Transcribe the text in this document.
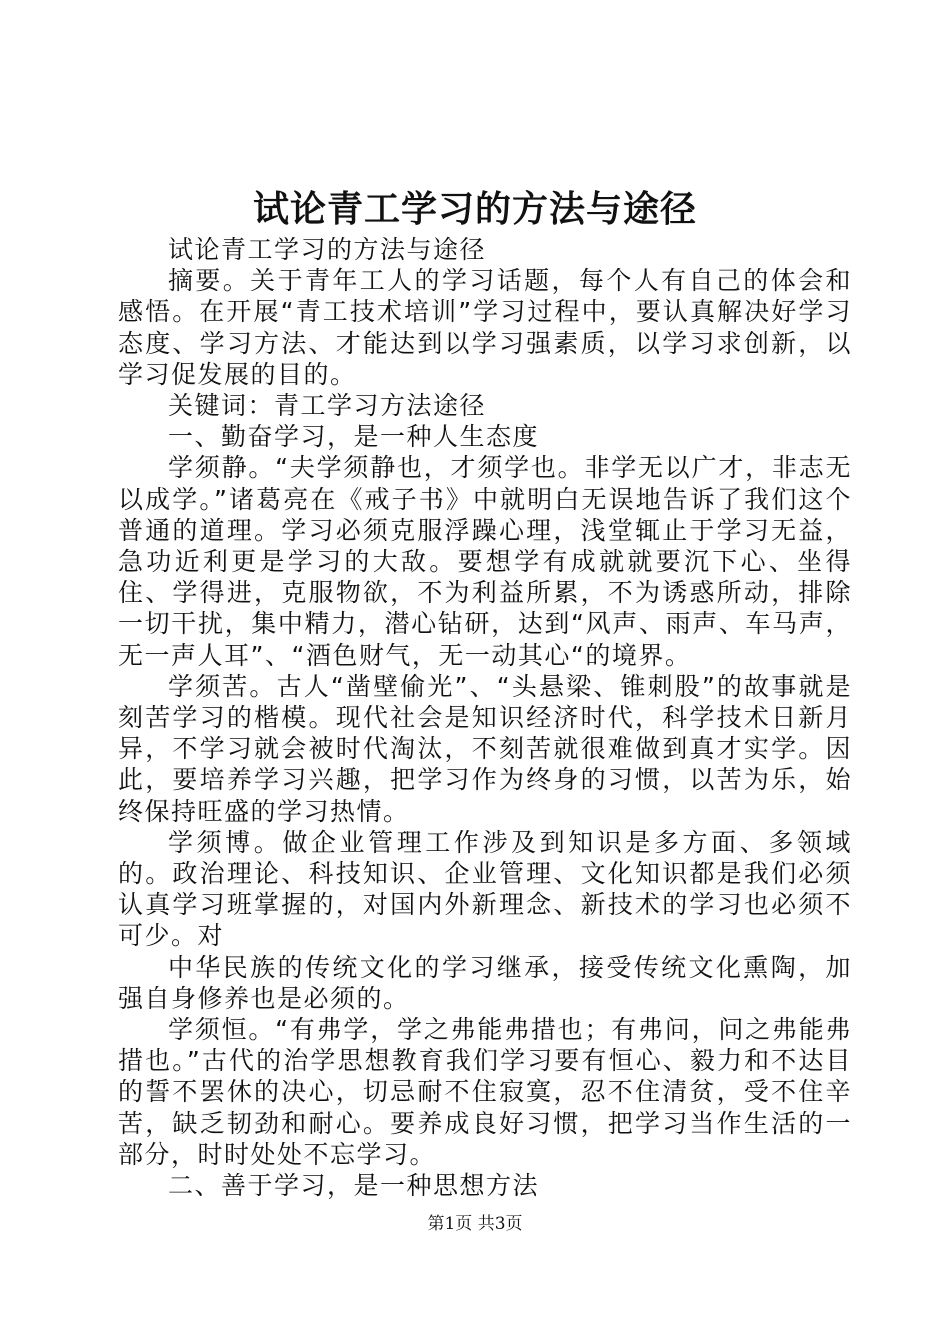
试论青工学习的方法与途径

试论青工学习的方法与途径

摘要。关于青年工人的学习话题，每个人有自己的体会和感悟。在开展“青工技术培训”学习过程中，要认真解决好学习态度、学习方法、才能达到以学习强素质，以学习求创新，以学习促发展的目的。

关键词：青工学习方法途径

一、勤奋学习，是一种人生态度

学须静。“夫学须静也，才须学也。非学无以广才，非志无以成学。”诸葛亮在《戒子书》中就明白无误地告诉了我们这个普通的道理。学习必须克服浮躁心理，浅堂辄止于学习无益，急功近利更是学习的大敌。要想学有成就就要沉下心、坐得住、学得进，克服物欲，不为利益所累，不为诱惑所动，排除一切干扰，集中精力，潜心钻研，达到“风声、雨声、车马声，无一声人耳”、“酒色财气，无一动其心“的境界。

学须苦。古人“凿壁偷光”、“头悬梁、锥刺股”的故事就是刻苦学习的楷模。现代社会是知识经济时代，科学技术日新月异，不学习就会被时代淘汰，不刻苦就很难做到真才实学。因此，要培养学习兴趣，把学习作为终身的习惯，以苦为乐，始终保持旺盛的学习热情。

学须博。做企业管理工作涉及到知识是多方面、多领域的。政治理论、科技知识、企业管理、文化知识都是我们必须认真学习班掌握的，对国内外新理念、新技术的学习也必须不可少。对

中华民族的传统文化的学习继承，接受传统文化熏陶，加强自身修养也是必须的。

学须恒。“有弗学，学之弗能弗措也；有弗问，问之弗能弗措也。”古代的治学思想教育我们学习要有恒心、毅力和不达目的誓不罢休的决心，切忌耐不住寂寞，忍不住清贫，受不住辛苦，缺乏韧劲和耐心。要养成良好习惯，把学习当作生活的一部分，时时处处不忘学习。

二、善于学习，是一种思想方法

第1页 共3页
